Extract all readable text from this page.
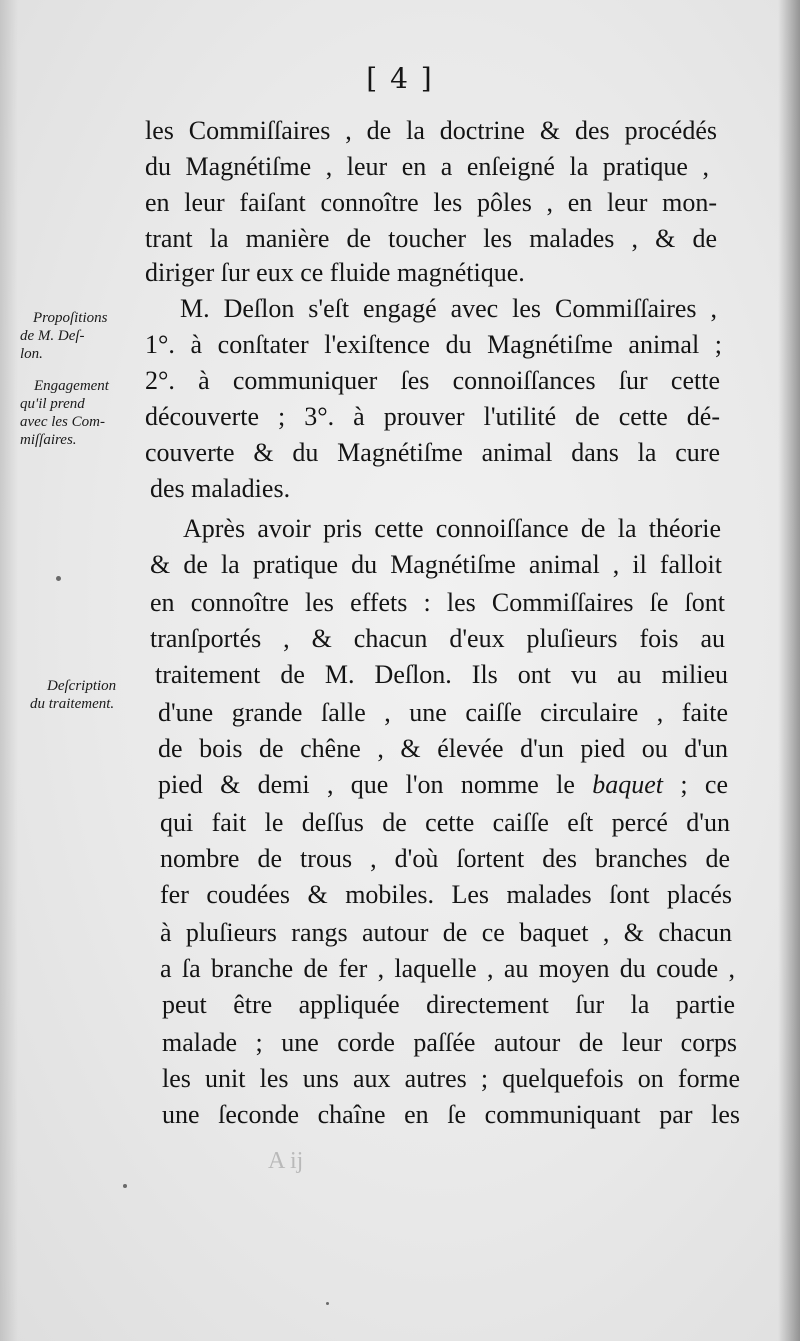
[ 4 ]
les Commiſſaires , de la doctrine & des procédés
du Magnétiſme , leur en a enſeigné la pratique ,
en leur faiſant connoître les pôles , en leur mon-
trant la manière de toucher les malades , & de
diriger ſur eux ce fluide magnétique.
M. Deſlon s'eſt engagé avec les Commiſſaires ,
1°. à conſtater l'exiſtence du Magnétiſme animal ;
2°. à communiquer ſes connoiſſances ſur cette
découverte ; 3°. à prouver l'utilité de cette dé-
couverte & du Magnétiſme animal dans la cure
des maladies.
Après avoir pris cette connoiſſance de la théorie
& de la pratique du Magnétiſme animal , il falloit
en connoître les effets : les Commiſſaires ſe ſont
tranſportés , & chacun d'eux pluſieurs fois au
traitement de M. Deſlon. Ils ont vu au milieu
d'une grande ſalle , une caiſſe circulaire , faite
de bois de chêne , & élevée d'un pied ou d'un
pied & demi , que l'on nomme le baquet ; ce
qui fait le deſſus de cette caiſſe eſt percé d'un
nombre de trous , d'où ſortent des branches de
fer coudées & mobiles. Les malades ſont placés
à pluſieurs rangs autour de ce baquet , & chacun
a ſa branche de fer , laquelle , au moyen du coude ,
peut être appliquée directement ſur la partie
malade ; une corde paſſée autour de leur corps
les unit les uns aux autres ; quelquefois on forme
une ſeconde chaîne en ſe communiquant par les
Propoſitions
de M. Deſ-
lon.
Engagement
qu'il prend
avec les Com-
miſſaires.
Deſcription
du traitement.
A ij
